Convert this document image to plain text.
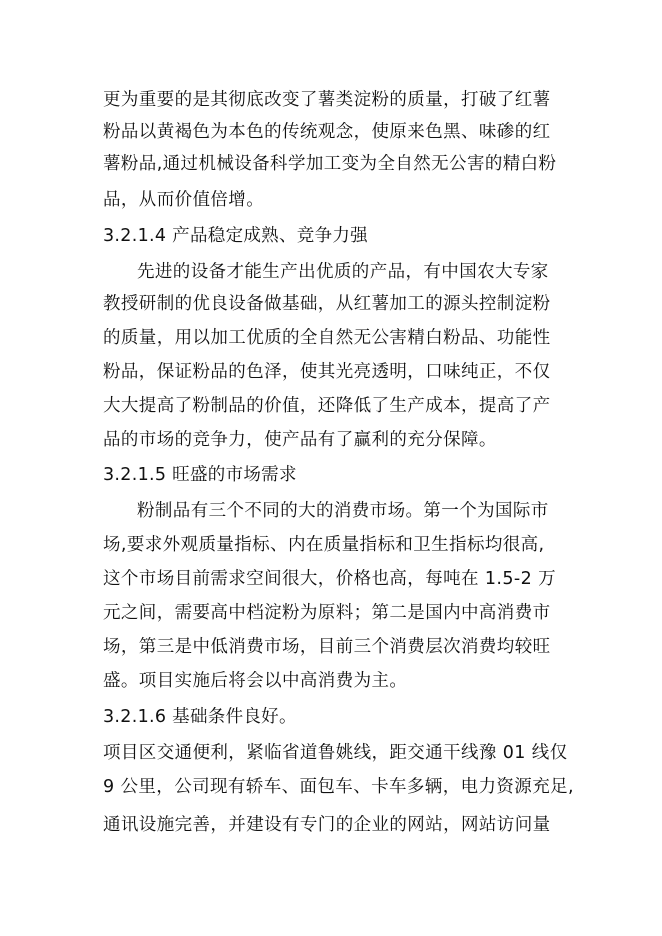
更为重要的是其彻底改变了薯类淀粉的质量，打破了红薯
粉品以黄褐色为本色的传统观念，使原来色黑、味碜的红
薯粉品,通过机械设备科学加工变为全自然无公害的精白粉
品，从而价值倍增。
3.2.1.4 产品稳定成熟、竞争力强
先进的设备才能生产出优质的产品，有中国农大专家
教授研制的优良设备做基础，从红薯加工的源头控制淀粉
的质量，用以加工优质的全自然无公害精白粉品、功能性
粉品，保证粉品的色泽，使其光亮透明，口味纯正，不仅
大大提高了粉制品的价值，还降低了生产成本，提高了产
品的市场的竞争力，使产品有了赢利的充分保障。
3.2.1.5 旺盛的市场需求
粉制品有三个不同的大的消费市场。第一个为国际市
场,要求外观质量指标、内在质量指标和卫生指标均很高,
这个市场目前需求空间很大，价格也高，每吨在 1.5-2 万
元之间，需要高中档淀粉为原料；第二是国内中高消费市
场，第三是中低消费市场，目前三个消费层次消费均较旺
盛。项目实施后将会以中高消费为主。
3.2.1.6 基础条件良好。
项目区交通便利，紧临省道鲁姚线，距交通干线豫 01 线仅
9 公里，公司现有轿车、面包车、卡车多辆，电力资源充足,
通讯设施完善，并建设有专门的企业的网站，网站访问量
